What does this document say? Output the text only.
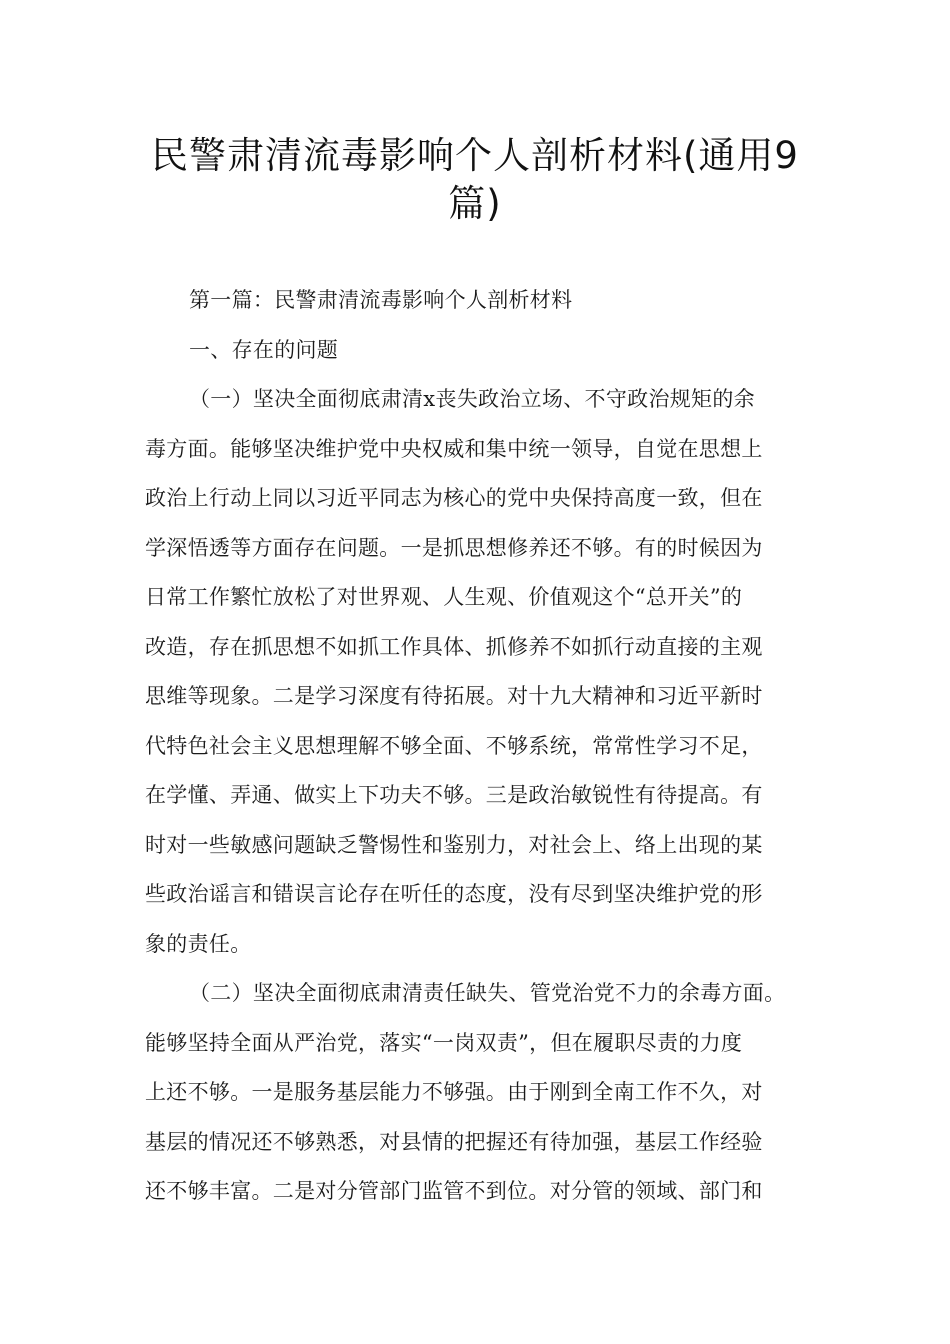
民警肃清流毒影响个人剖析材料(通用9
篇)
第一篇：民警肃清流毒影响个人剖析材料
一、存在的问题
（一）坚决全面彻底肃清x丧失政治立场、不守政治规矩的余
毒方面。能够坚决维护党中央权威和集中统一领导，自觉在思想上
政治上行动上同以习近平同志为核心的党中央保持高度一致，但在
学深悟透等方面存在问题。一是抓思想修养还不够。有的时候因为
日常工作繁忙放松了对世界观、人生观、价值观这个“总开关”的
改造，存在抓思想不如抓工作具体、抓修养不如抓行动直接的主观
思维等现象。二是学习深度有待拓展。对十九大精神和习近平新时
代特色社会主义思想理解不够全面、不够系统，常常性学习不足，
在学懂、弄通、做实上下功夫不够。三是政治敏锐性有待提高。有
时对一些敏感问题缺乏警惕性和鉴别力，对社会上、络上出现的某
些政治谣言和错误言论存在听任的态度，没有尽到坚决维护党的形
象的责任。
（二）坚决全面彻底肃清责任缺失、管党治党不力的余毒方面。
能够坚持全面从严治党，落实“一岗双责”，但在履职尽责的力度
上还不够。一是服务基层能力不够强。由于刚到全南工作不久，对
基层的情况还不够熟悉，对县情的把握还有待加强，基层工作经验
还不够丰富。二是对分管部门监管不到位。对分管的领域、部门和
